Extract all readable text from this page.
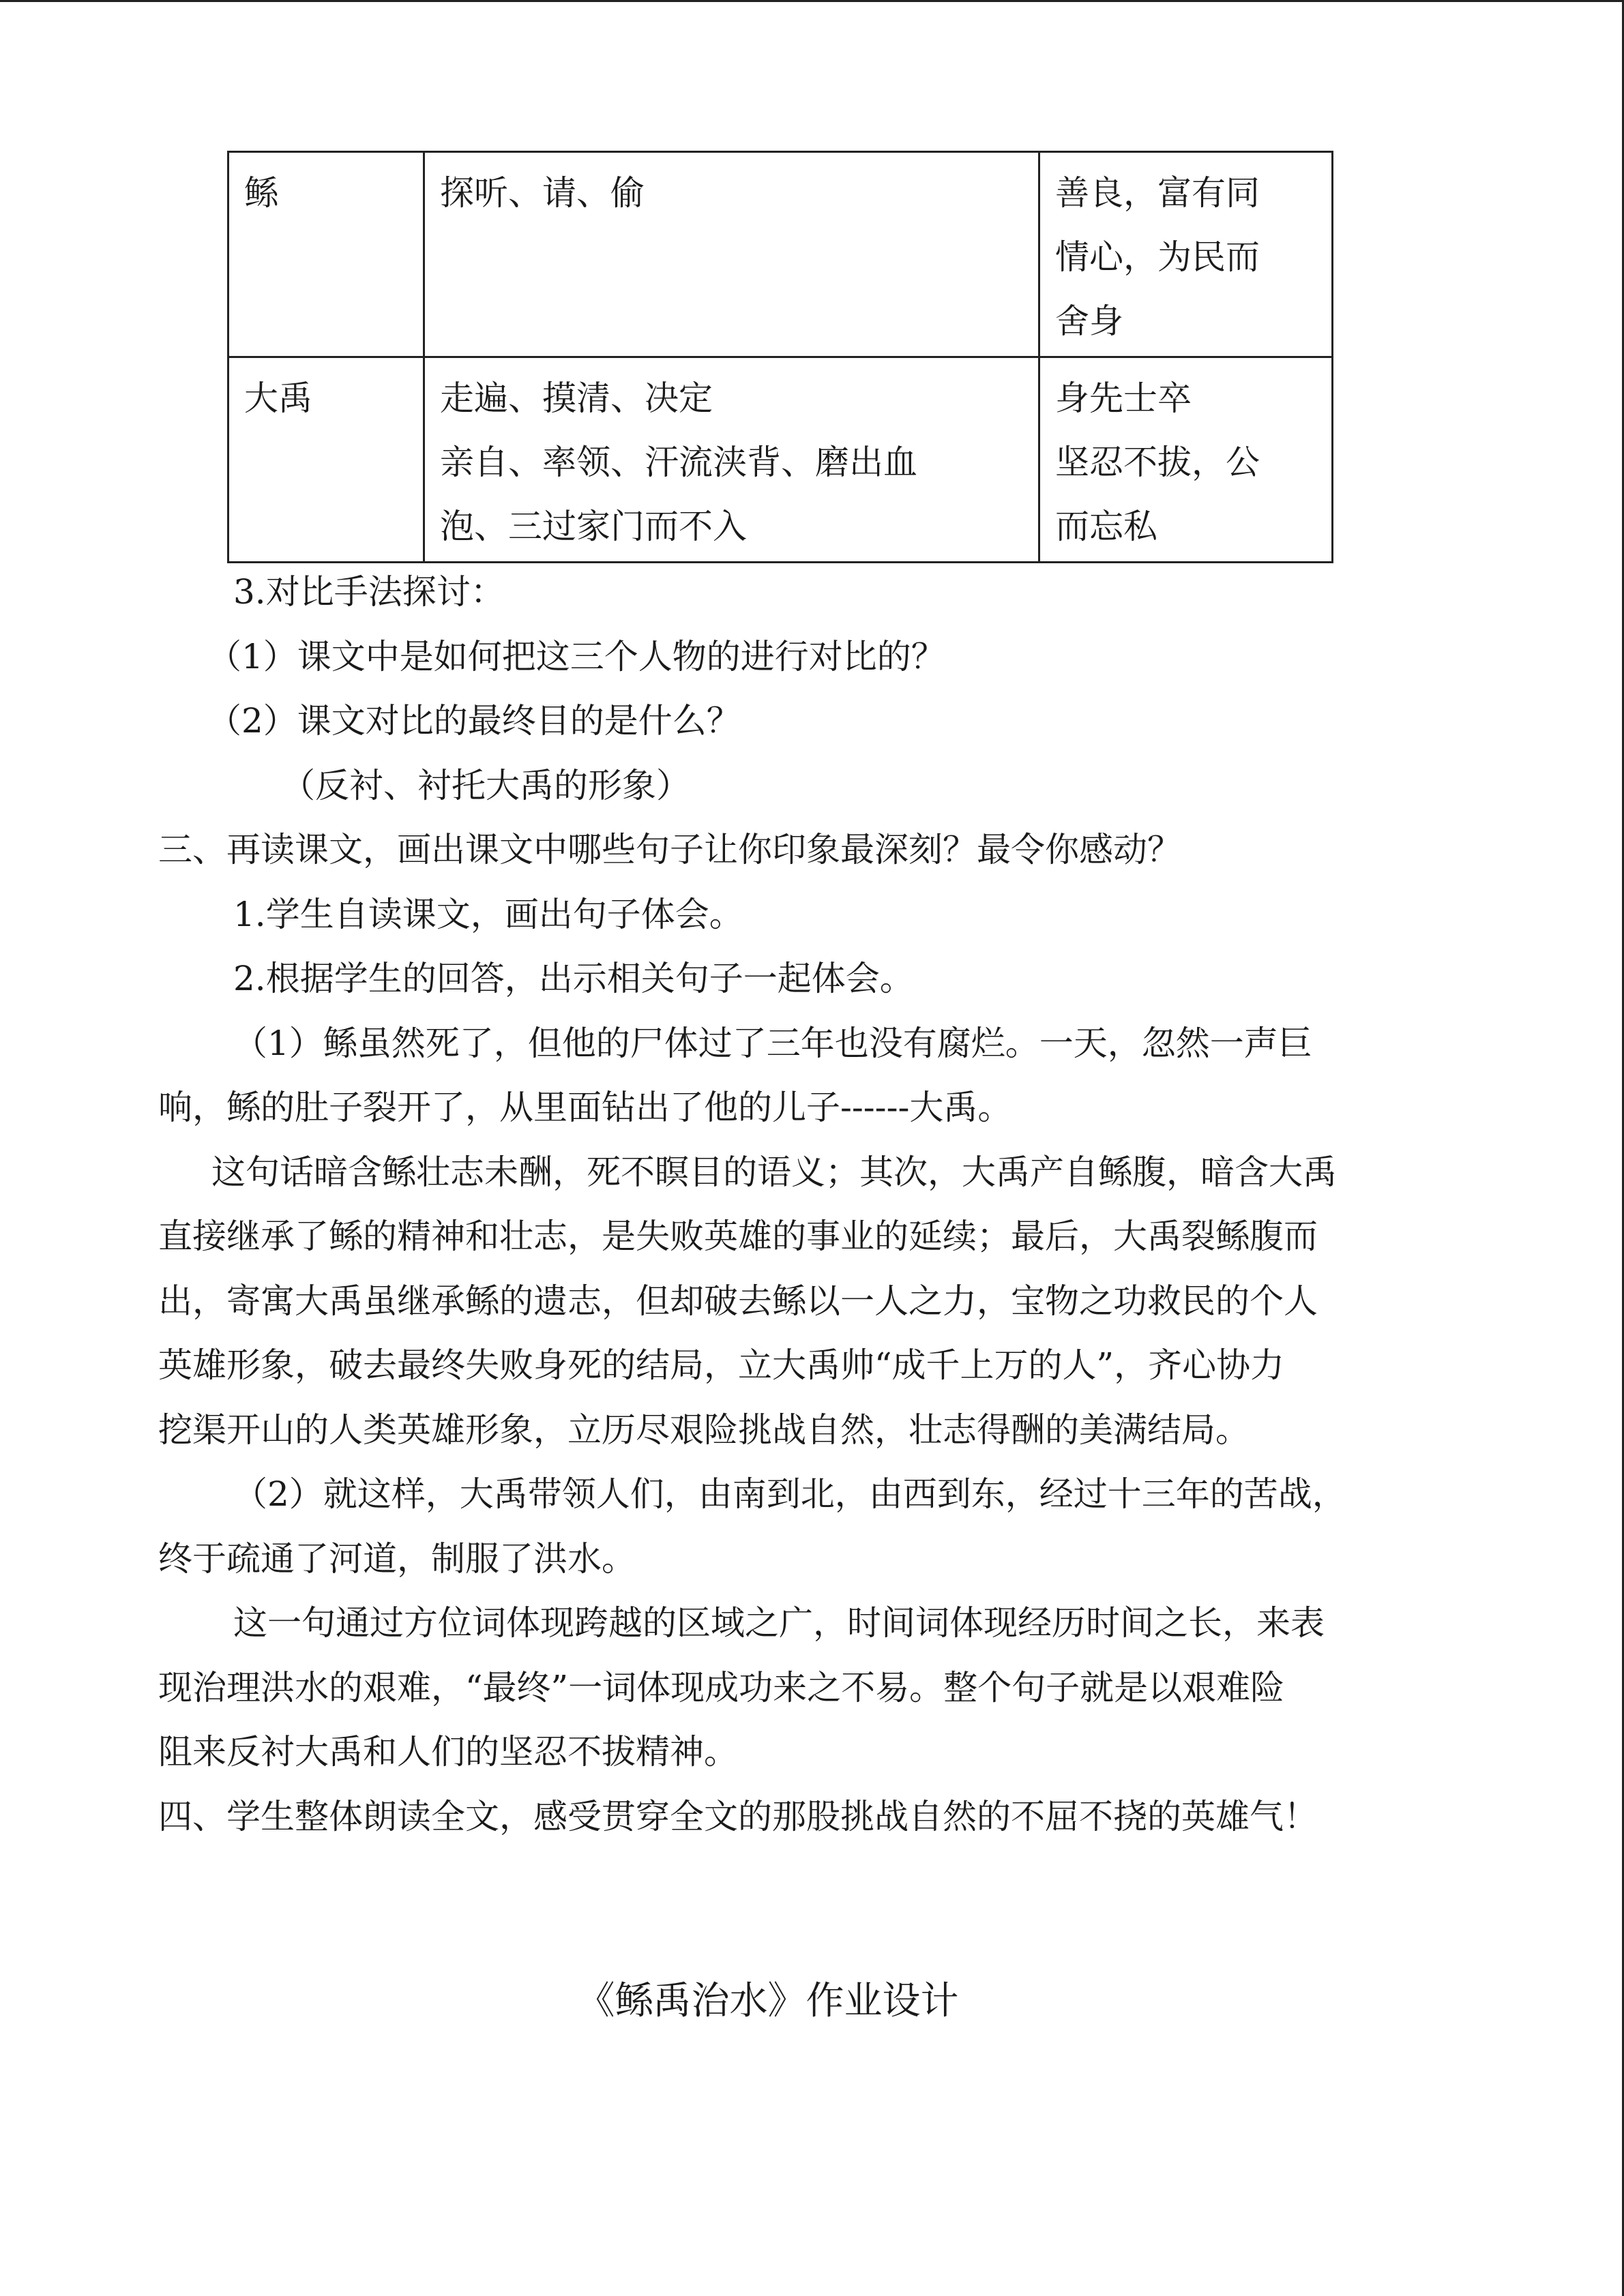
鲧	探听、请、偷	善良，富有同
情心，为民而
舍身

大禹	走遍、摸清、决定
亲自、率领、汗流浃背、磨出血
泡、三过家门而不入	身先士卒
坚忍不拔，公
而忘私

3.对比手法探讨：

（1）课文中是如何把这三个人物的进行对比的？

（2）课文对比的最终目的是什么？

（反衬、衬托大禹的形象）

三、再读课文，画出课文中哪些句子让你印象最深刻？最令你感动？

1.学生自读课文，画出句子体会。

2.根据学生的回答，出示相关句子一起体会。

（1）鲧虽然死了，但他的尸体过了三年也没有腐烂。一天，忽然一声巨

响，鲧的肚子裂开了，从里面钻出了他的儿子------大禹。

这句话暗含鲧壮志未酬，死不瞑目的语义；其次，大禹产自鲧腹，暗含大禹

直接继承了鲧的精神和壮志，是失败英雄的事业的延续；最后，大禹裂鲧腹而

出，寄寓大禹虽继承鲧的遗志，但却破去鲧以一人之力，宝物之功救民的个人

英雄形象，破去最终失败身死的结局，立大禹帅“成千上万的人”，齐心协力

挖渠开山的人类英雄形象，立历尽艰险挑战自然，壮志得酬的美满结局。

（2）就这样，大禹带领人们，由南到北，由西到东，经过十三年的苦战，

终于疏通了河道，制服了洪水。

这一句通过方位词体现跨越的区域之广，时间词体现经历时间之长，来表

现治理洪水的艰难，“最终”一词体现成功来之不易。整个句子就是以艰难险

阻来反衬大禹和人们的坚忍不拔精神。

四、学生整体朗读全文，感受贯穿全文的那股挑战自然的不屈不挠的英雄气！

《鲧禹治水》作业设计
